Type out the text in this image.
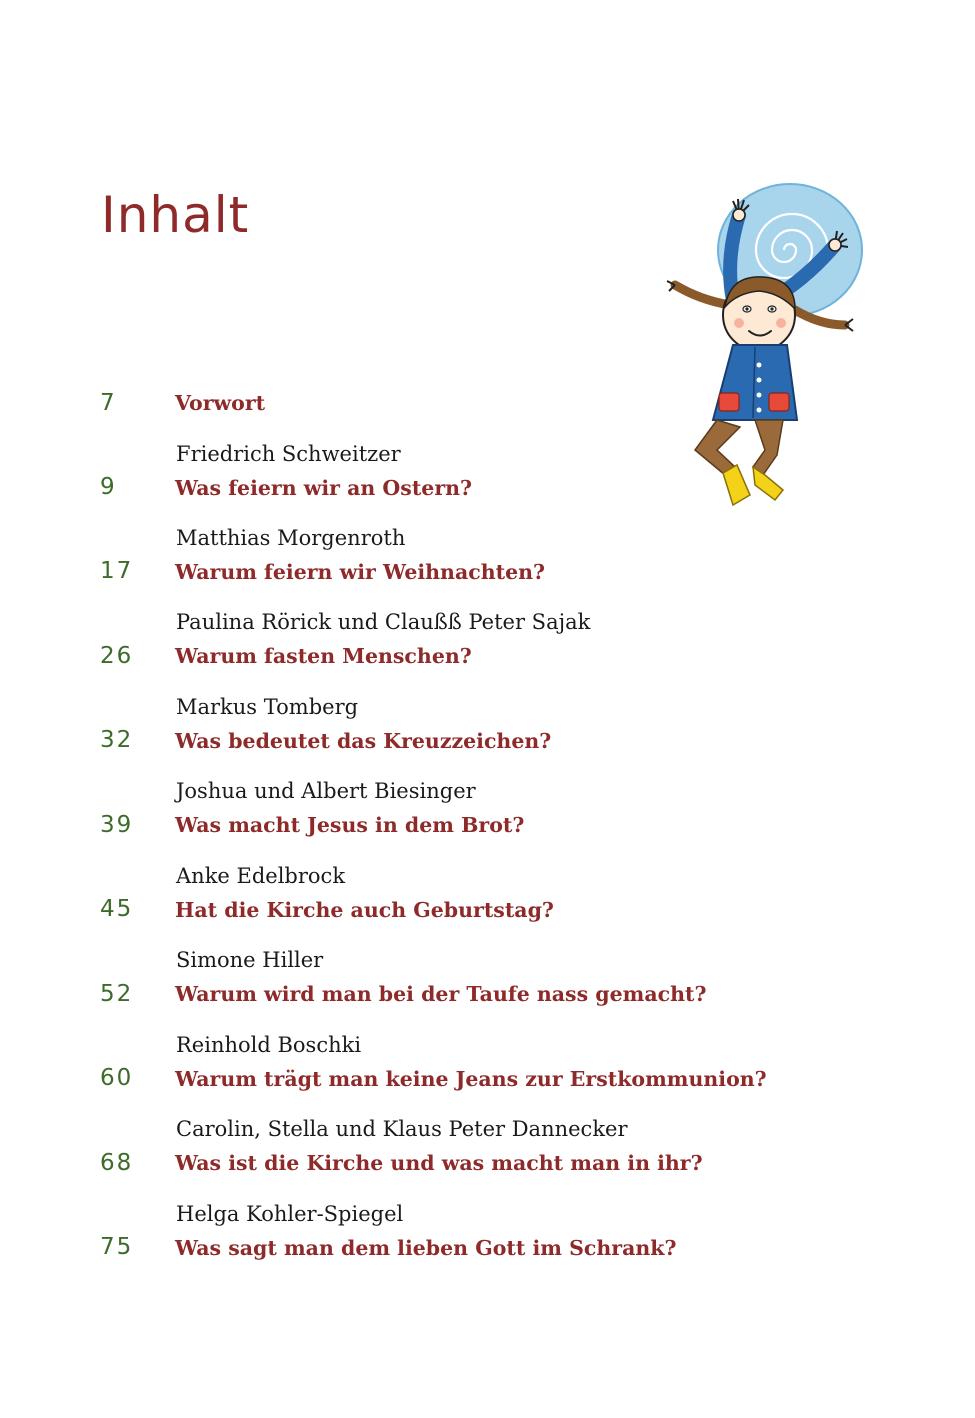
Inhalt
7	Vorwort
Friedrich Schweitzer
9	Was feiern wir an Ostern?
Matthias Morgenroth
17 Warum feiern wir Weihnachten?
Paulina Rörick und Claußß Peter Sajak
26 Warum fasten Menschen?
Markus Tomberg
32 Was bedeutet das Kreuzzeichen?
Joshua und Albert Biesinger
39 Was macht Jesus in dem Brot?
Anke Edelbrock
45 Hat die Kirche auch Geburtstag?
Simone Hiller
52 Warum wird man bei der Taufe nass gemacht?
Reinhold Boschki
60 Warum trägt man keine Jeans zur Erstkommunion?
Carolin, Stella und Klaus Peter Dannecker
68 Was ist die Kirche und was macht man in ihr?
Helga Kohler-Spiegel
75 Was sagt man dem lieben Gott im Schrank?
